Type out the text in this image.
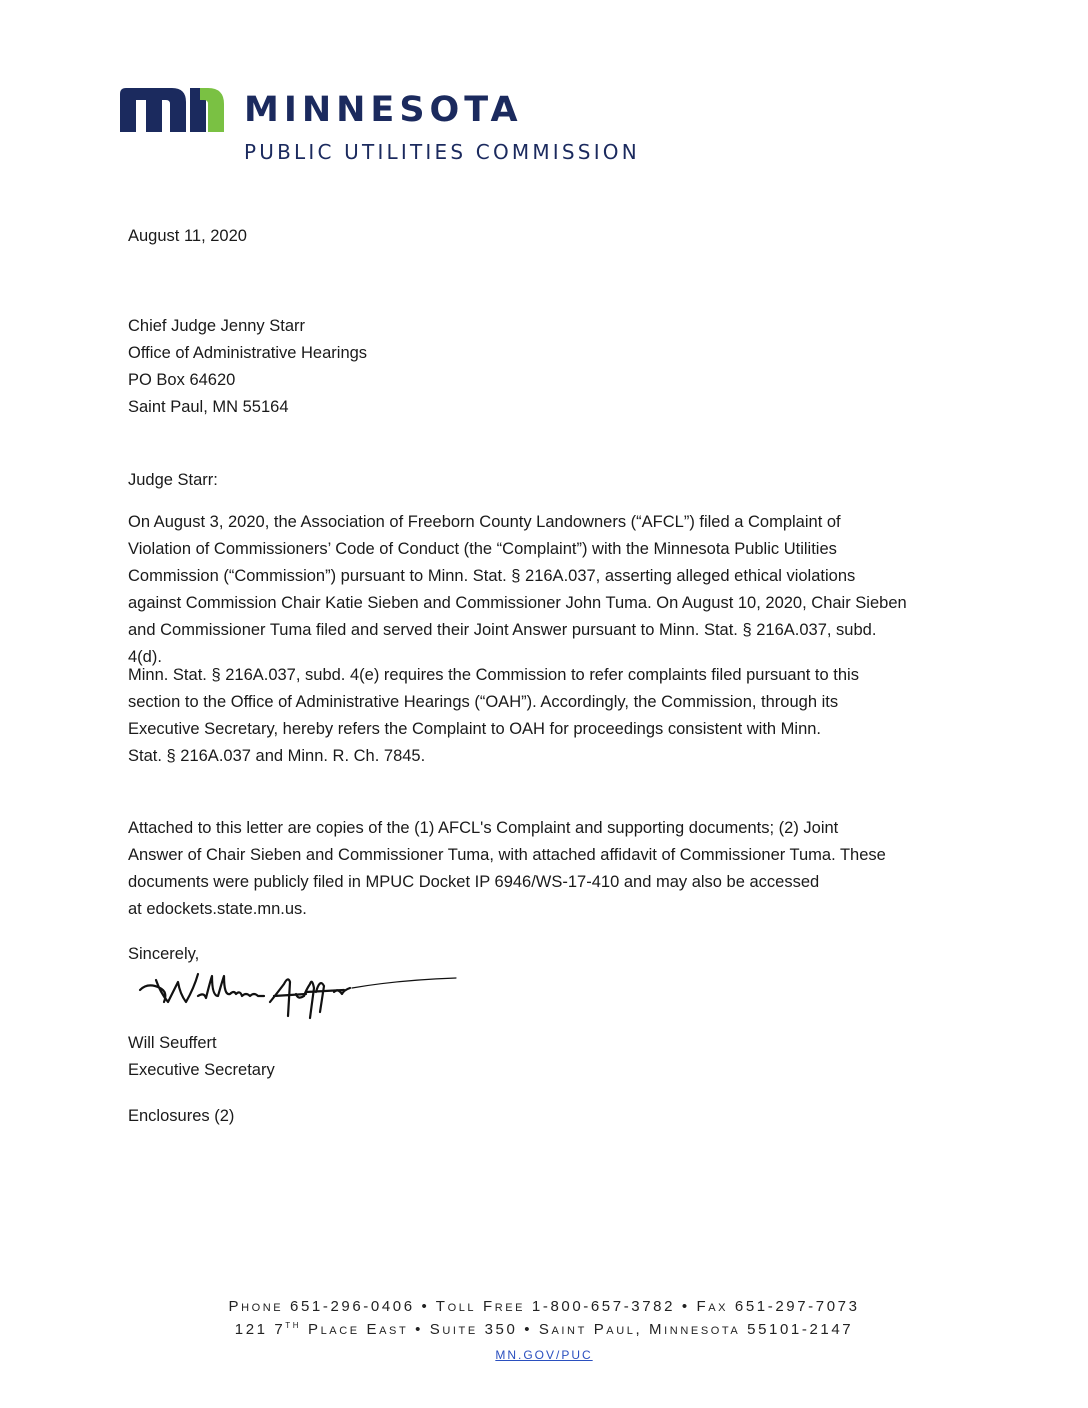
MINNESOTA
PUBLIC UTILITIES COMMISSION
August 11, 2020
Chief Judge Jenny Starr
Office of Administrative Hearings
PO Box 64620
Saint Paul, MN 55164
Judge Starr:
On August 3, 2020, the Association of Freeborn County Landowners (“AFCL”) filed a Complaint of
Violation of Commissioners’ Code of Conduct (the “Complaint”) with the Minnesota Public Utilities
Commission (“Commission”) pursuant to Minn. Stat. § 216A.037, asserting alleged ethical violations
against Commission Chair Katie Sieben and Commissioner John Tuma. On August 10, 2020, Chair Sieben
and Commissioner Tuma filed and served their Joint Answer pursuant to Minn. Stat. § 216A.037, subd.
4(d).
Minn. Stat. § 216A.037, subd. 4(e) requires the Commission to refer complaints filed pursuant to this
section to the Office of Administrative Hearings (“OAH”). Accordingly, the Commission, through its
Executive Secretary, hereby refers the Complaint to OAH for proceedings consistent with Minn.
Stat. § 216A.037 and Minn. R. Ch. 7845.
Attached to this letter are copies of the (1) AFCL's Complaint and supporting documents; (2) Joint
Answer of Chair Sieben and Commissioner Tuma, with attached affidavit of Commissioner Tuma. These
documents were publicly filed in MPUC Docket IP 6946/WS-17-410 and may also be accessed
at edockets.state.mn.us.
Sincerely,
Will Seuffert
Executive Secretary
Enclosures (2)
PHONE 651-296-0406 • TOLL FREE 1-800-657-3782 • FAX 651-297-7073
121 7TH PLACE EAST • SUITE 350 • SAINT PAUL, MINNESOTA 55101-2147
MN.GOV/PUC
